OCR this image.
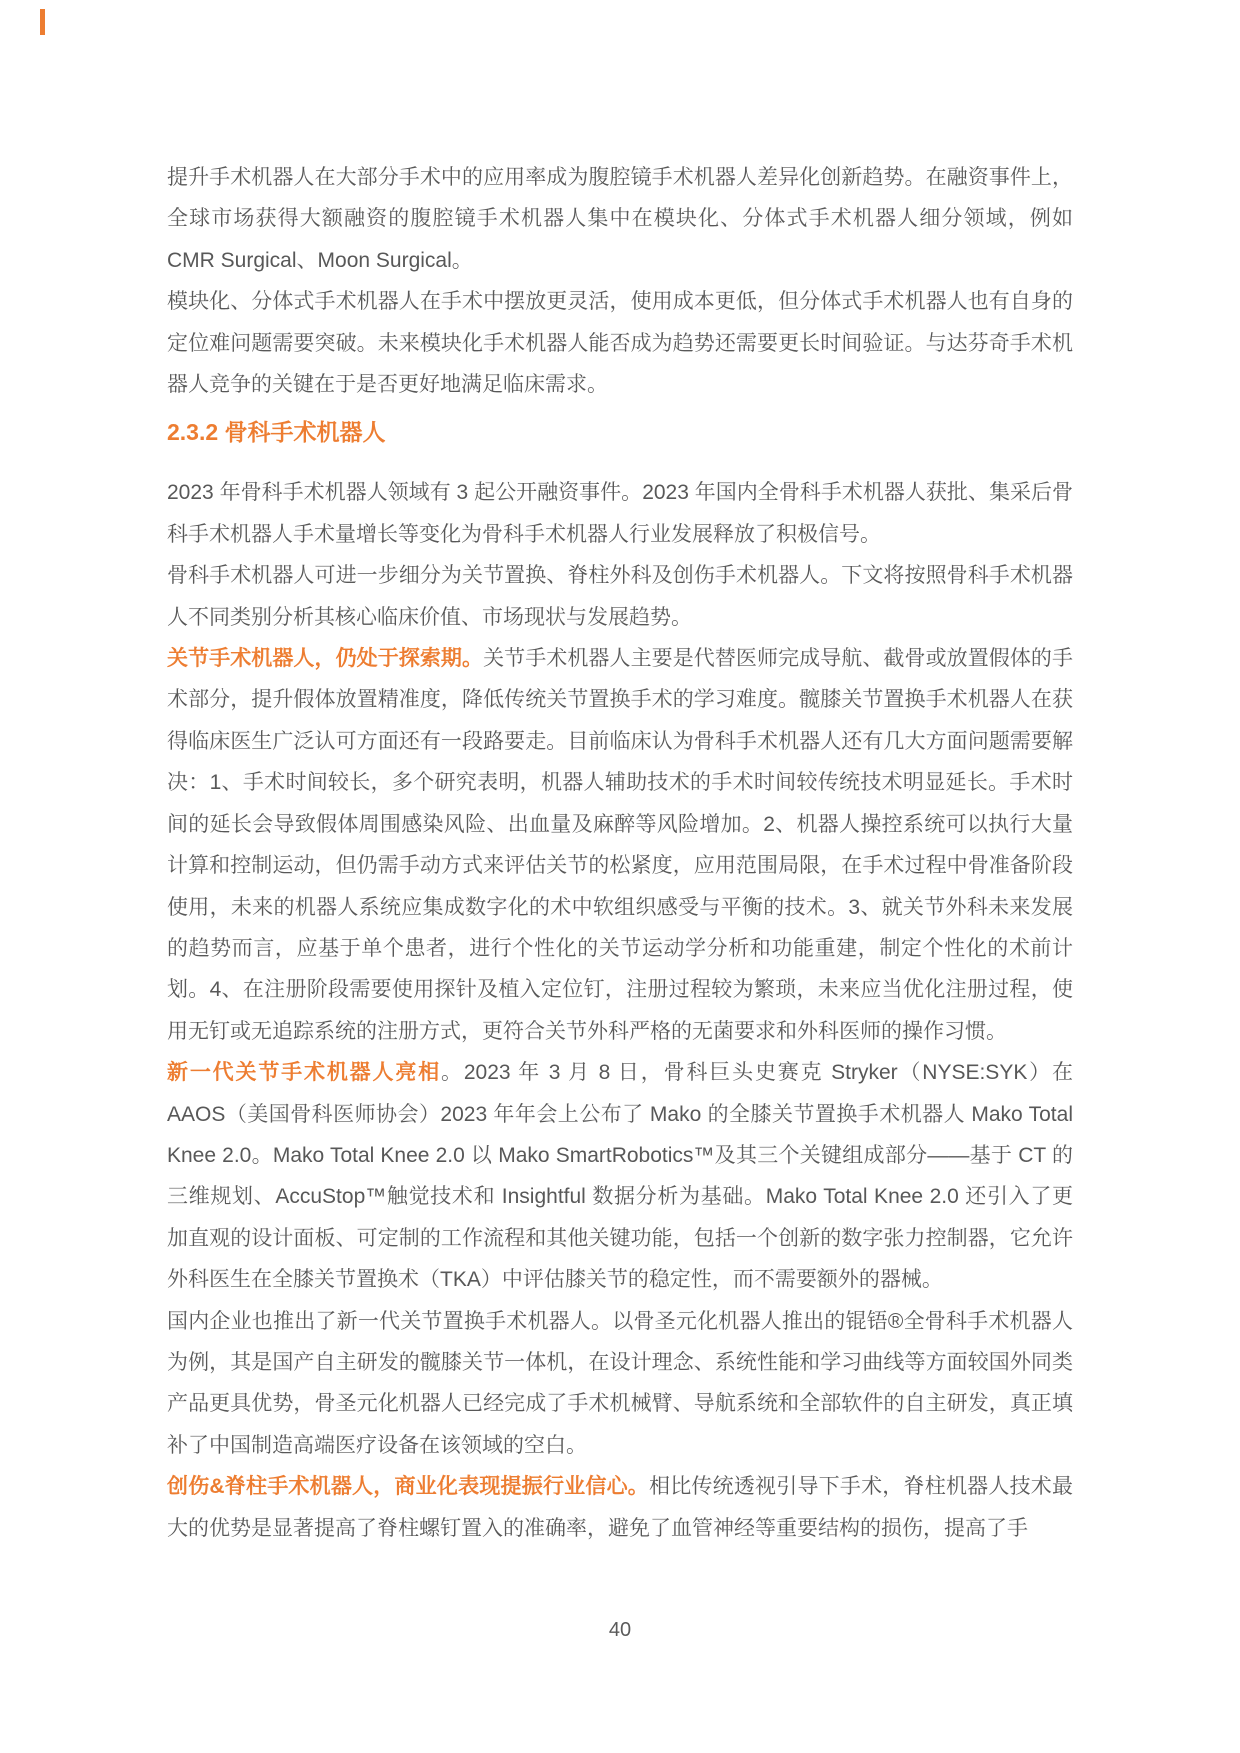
提升手术机器人在大部分手术中的应用率成为腹腔镜手术机器人差异化创新趋势。在融资事件上，全球市场获得大额融资的腹腔镜手术机器人集中在模块化、分体式手术机器人细分领域，例如 CMR Surgical、Moon Surgical。

模块化、分体式手术机器人在手术中摆放更灵活，使用成本更低，但分体式手术机器人也有自身的定位难问题需要突破。未来模块化手术机器人能否成为趋势还需要更长时间验证。与达芬奇手术机器人竞争的关键在于是否更好地满足临床需求。

2.3.2 骨科手术机器人

2023 年骨科手术机器人领域有 3 起公开融资事件。2023 年国内全骨科手术机器人获批、集采后骨科手术机器人手术量增长等变化为骨科手术机器人行业发展释放了积极信号。

骨科手术机器人可进一步细分为关节置换、脊柱外科及创伤手术机器人。下文将按照骨科手术机器人不同类别分析其核心临床价值、市场现状与发展趋势。

关节手术机器人，仍处于探索期。关节手术机器人主要是代替医师完成导航、截骨或放置假体的手术部分，提升假体放置精准度，降低传统关节置换手术的学习难度。髋膝关节置换手术机器人在获得临床医生广泛认可方面还有一段路要走。目前临床认为骨科手术机器人还有几大方面问题需要解决：1、手术时间较长，多个研究表明，机器人辅助技术的手术时间较传统技术明显延长。手术时间的延长会导致假体周围感染风险、出血量及麻醉等风险增加。2、机器人操控系统可以执行大量计算和控制运动，但仍需手动方式来评估关节的松紧度，应用范围局限，在手术过程中骨准备阶段使用，未来的机器人系统应集成数字化的术中软组织感受与平衡的技术。3、就关节外科未来发展的趋势而言，应基于单个患者，进行个性化的关节运动学分析和功能重建，制定个性化的术前计划。4、在注册阶段需要使用探针及植入定位钉，注册过程较为繁琐，未来应当优化注册过程，使用无钉或无追踪系统的注册方式，更符合关节外科严格的无菌要求和外科医师的操作习惯。

新一代关节手术机器人亮相。2023 年 3 月 8 日，骨科巨头史赛克 Stryker（NYSE:SYK）在 AAOS（美国骨科医师协会）2023 年年会上公布了 Mako 的全膝关节置换手术机器人 Mako Total Knee 2.0。Mako Total Knee 2.0 以 Mako SmartRobotics™及其三个关键组成部分——基于 CT 的三维规划、AccuStop™触觉技术和 Insightful 数据分析为基础。Mako Total Knee 2.0 还引入了更加直观的设计面板、可定制的工作流程和其他关键功能，包括一个创新的数字张力控制器，它允许外科医生在全膝关节置换术（TKA）中评估膝关节的稳定性，而不需要额外的器械。

国内企业也推出了新一代关节置换手术机器人。以骨圣元化机器人推出的锟铻®全骨科手术机器人为例，其是国产自主研发的髋膝关节一体机，在设计理念、系统性能和学习曲线等方面较国外同类产品更具优势，骨圣元化机器人已经完成了手术机械臂、导航系统和全部软件的自主研发，真正填补了中国制造高端医疗设备在该领域的空白。

创伤&脊柱手术机器人，商业化表现提振行业信心。相比传统透视引导下手术，脊柱机器人技术最大的优势是显著提高了脊柱螺钉置入的准确率，避免了血管神经等重要结构的损伤，提高了手

40
